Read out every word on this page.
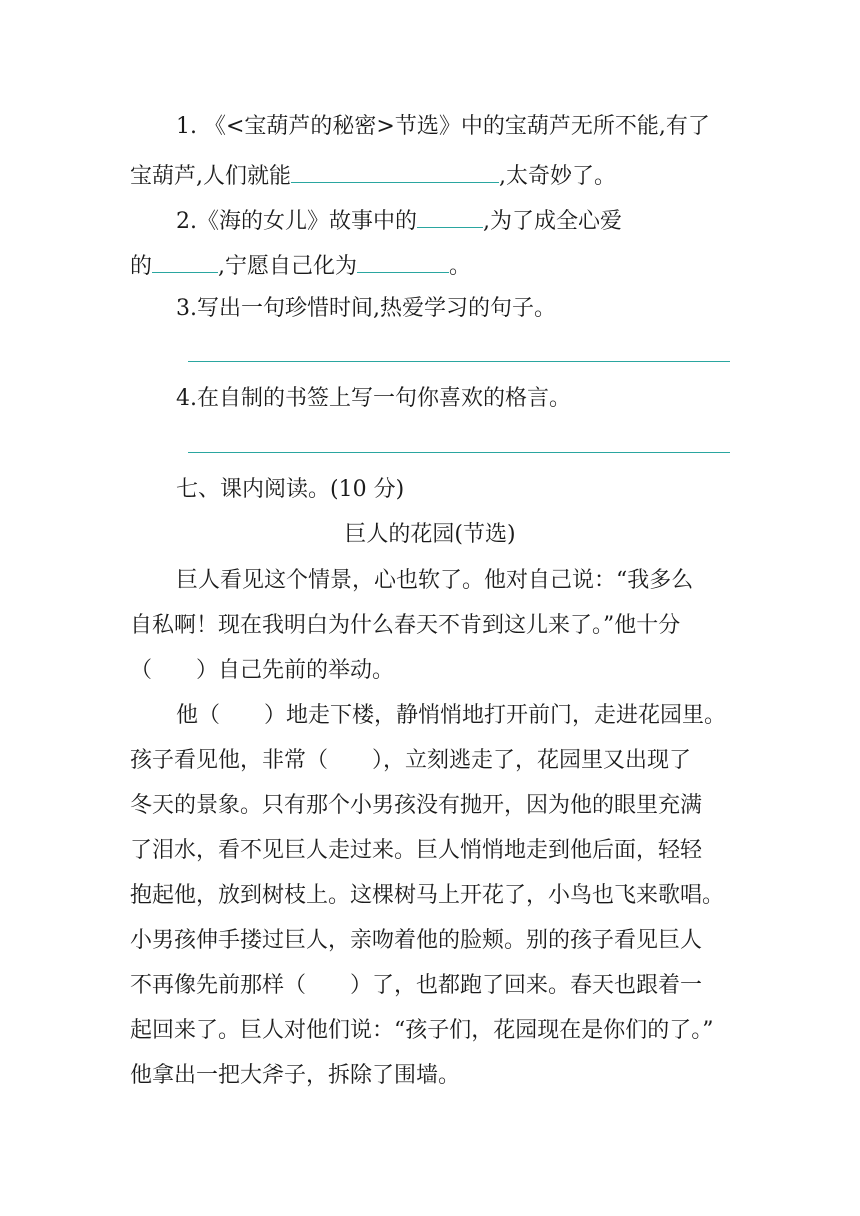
1. 《<宝葫芦的秘密>节选》中的宝葫芦无所不能,有了
宝葫芦,人们就能	,太奇妙了。
2.《海的女儿》故事中的	,为了成全心爱
的	,宁愿自己化为	。
3.写出一句珍惜时间,热爱学习的句子。
4.在自制的书签上写一句你喜欢的格言。
七、课内阅读。(10 分)
巨人的花园(节选)
巨人看见这个情景，心也软了。他对自己说：“我多么
自私啊！现在我明白为什么春天不肯到这儿来了。”他十分
（　　）自己先前的举动。
他（　　）地走下楼，静悄悄地打开前门，走进花园里。
孩子看见他，非常（　　），立刻逃走了，花园里又出现了
冬天的景象。只有那个小男孩没有抛开，因为他的眼里充满
了泪水，看不见巨人走过来。巨人悄悄地走到他后面，轻轻
抱起他，放到树枝上。这棵树马上开花了，小鸟也飞来歌唱。
小男孩伸手搂过巨人，亲吻着他的脸颊。别的孩子看见巨人
不再像先前那样（　　）了，也都跑了回来。春天也跟着一
起回来了。巨人对他们说：“孩子们，花园现在是你们的了。”
他拿出一把大斧子，拆除了围墙。
